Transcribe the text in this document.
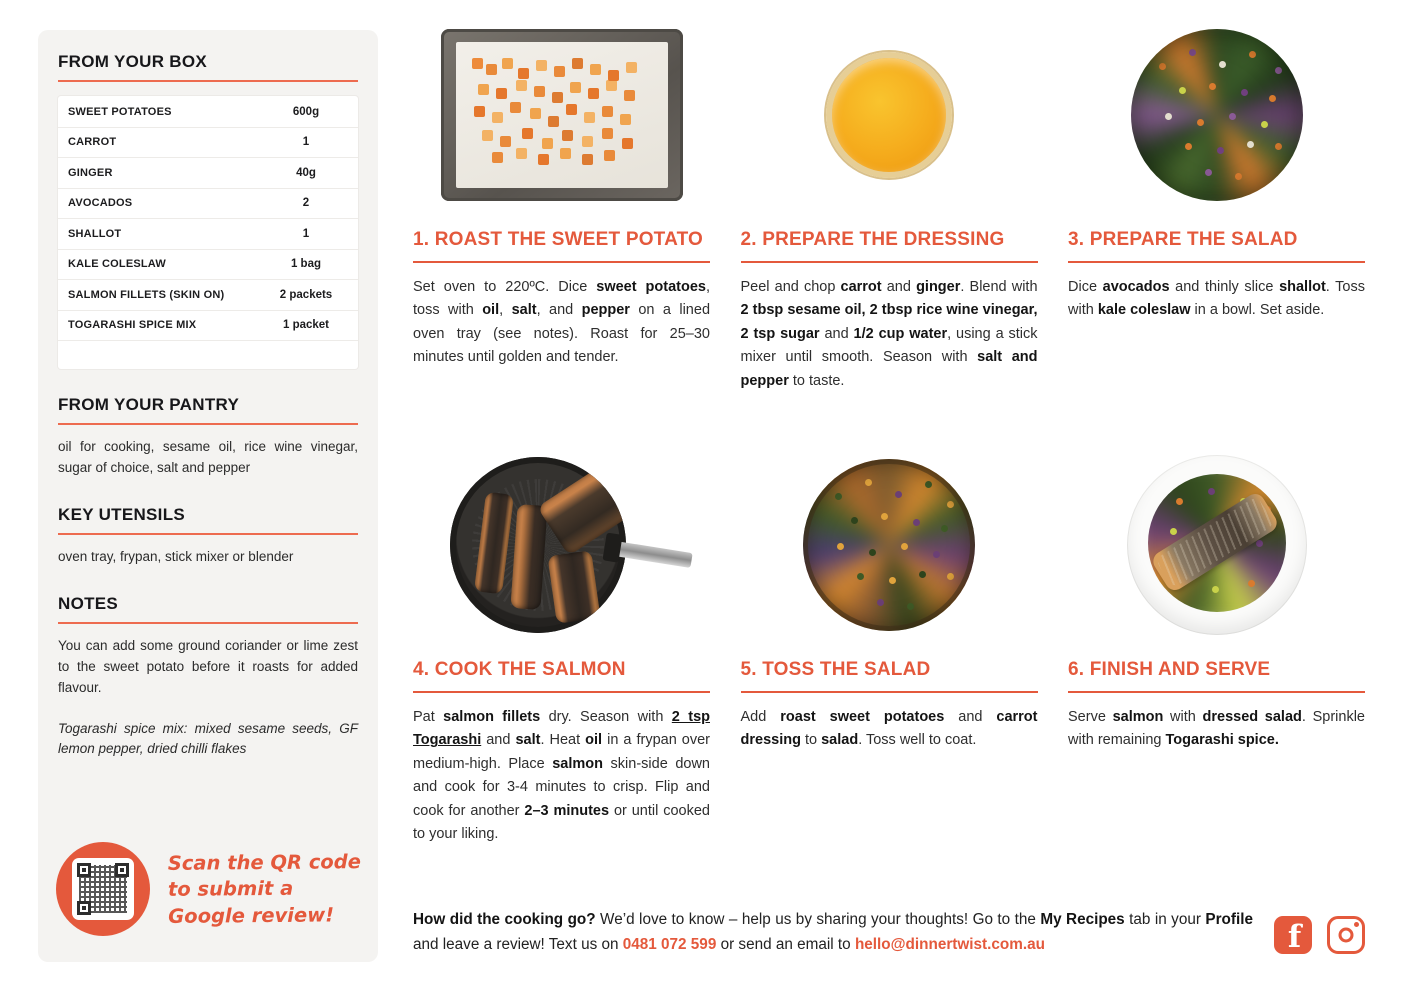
FROM YOUR BOX
SWEET POTATOES	600g
CARROT	1
GINGER	40g
AVOCADOS	2
SHALLOT	1
KALE COLESLAW	1 bag
SALMON FILLETS (SKIN ON)	2 packets
TOGARASHI SPICE MIX	1 packet
FROM YOUR PANTRY

oil for cooking, sesame oil, rice wine vinegar, sugar of choice, salt and pepper

KEY UTENSILS

oven tray, frypan, stick mixer or blender

NOTES

You can add some ground coriander or lime zest to the sweet potato before it roasts for added flavour.

Togarashi spice mix: mixed sesame seeds, GF lemon pepper, dried chilli flakes

Scan the QR code to submit a Google review!
1. ROAST THE SWEET POTATO

Set oven to 220ºC. Dice sweet potatoes, toss with oil, salt, and pepper on a lined oven tray (see notes). Roast for 25–30 minutes until golden and tender.

2. PREPARE THE DRESSING

Peel and chop carrot and ginger. Blend with 2 tbsp sesame oil, 2 tbsp rice wine vinegar, 2 tsp sugar and 1/2 cup water, using a stick mixer until smooth. Season with salt and pepper to taste.

3. PREPARE THE SALAD

Dice avocados and thinly slice shallot. Toss with kale coleslaw in a bowl. Set aside.

4. COOK THE SALMON

Pat salmon fillets dry. Season with 2 tsp Togarashi and salt. Heat oil in a frypan over medium-high. Place salmon skin-side down and cook for 3-4 minutes to crisp. Flip and cook for another 2–3 minutes or until cooked to your liking.

5. TOSS THE SALAD

Add roast sweet potatoes and carrot dressing to salad. Toss well to coat.

6. FINISH AND SERVE

Serve salmon with dressed salad. Sprinkle with remaining Togarashi spice.

How did the cooking go? We’d love to know – help us by sharing your thoughts! Go to the My Recipes tab in your Profile and leave a review! Text us on 0481 072 599 or send an email to hello@dinnertwist.com.au	f
